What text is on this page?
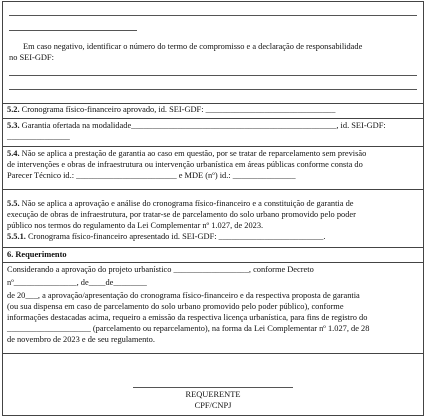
Em caso negativo, identificar o número do termo de compromisso e a declaração de responsabilidade
no SEI-GDF:
5.2. Cronograma físico-financeiro aprovado, id. SEI-GDF: _______________________________
5.3. Garantia ofertada na modalidade_________________________________________________, id. SEI-GDF:
_______________
5.4. Não se aplica a prestação de garantia ao caso em questão, por se tratar de reparcelamento sem previsão
de intervenções e obras de infraestrutura ou intervenção urbanística em áreas públicas conforme consta do
Parecer Técnico id.: ________________________ e MDE (nº) id.: _______________
5.5. Não se aplica a aprovação e análise do cronograma físico-financeiro e a constituição de garantia de
execução de obras de infraestrutura, por tratar-se de parcelamento do solo urbano promovido pelo poder
público nos termos do regulamento da Lei Complementar nº 1.027, de 2023.
5.5.1. Cronograma físico-financeiro apresentado id. SEI-GDF: _________________________.
6. Requerimento
Considerando a aprovação do projeto urbanístico __________________, conforme Decreto
nº_______________, de____de________
de 20___, a aprovação/apresentação do cronograma físico-financeiro e da respectiva proposta de garantia
(ou sua dispensa em caso de parcelamento do solo urbano promovido pelo poder público), conforme
informações destacadas acima, requeiro a emissão da respectiva licença urbanística, para fins de registro do
____________________ (parcelamento ou reparcelamento), na forma da Lei Complementar nº 1.027, de 28
de novembro de 2023 e de seu regulamento.
REQUERENTE
CPF/CNPJ
